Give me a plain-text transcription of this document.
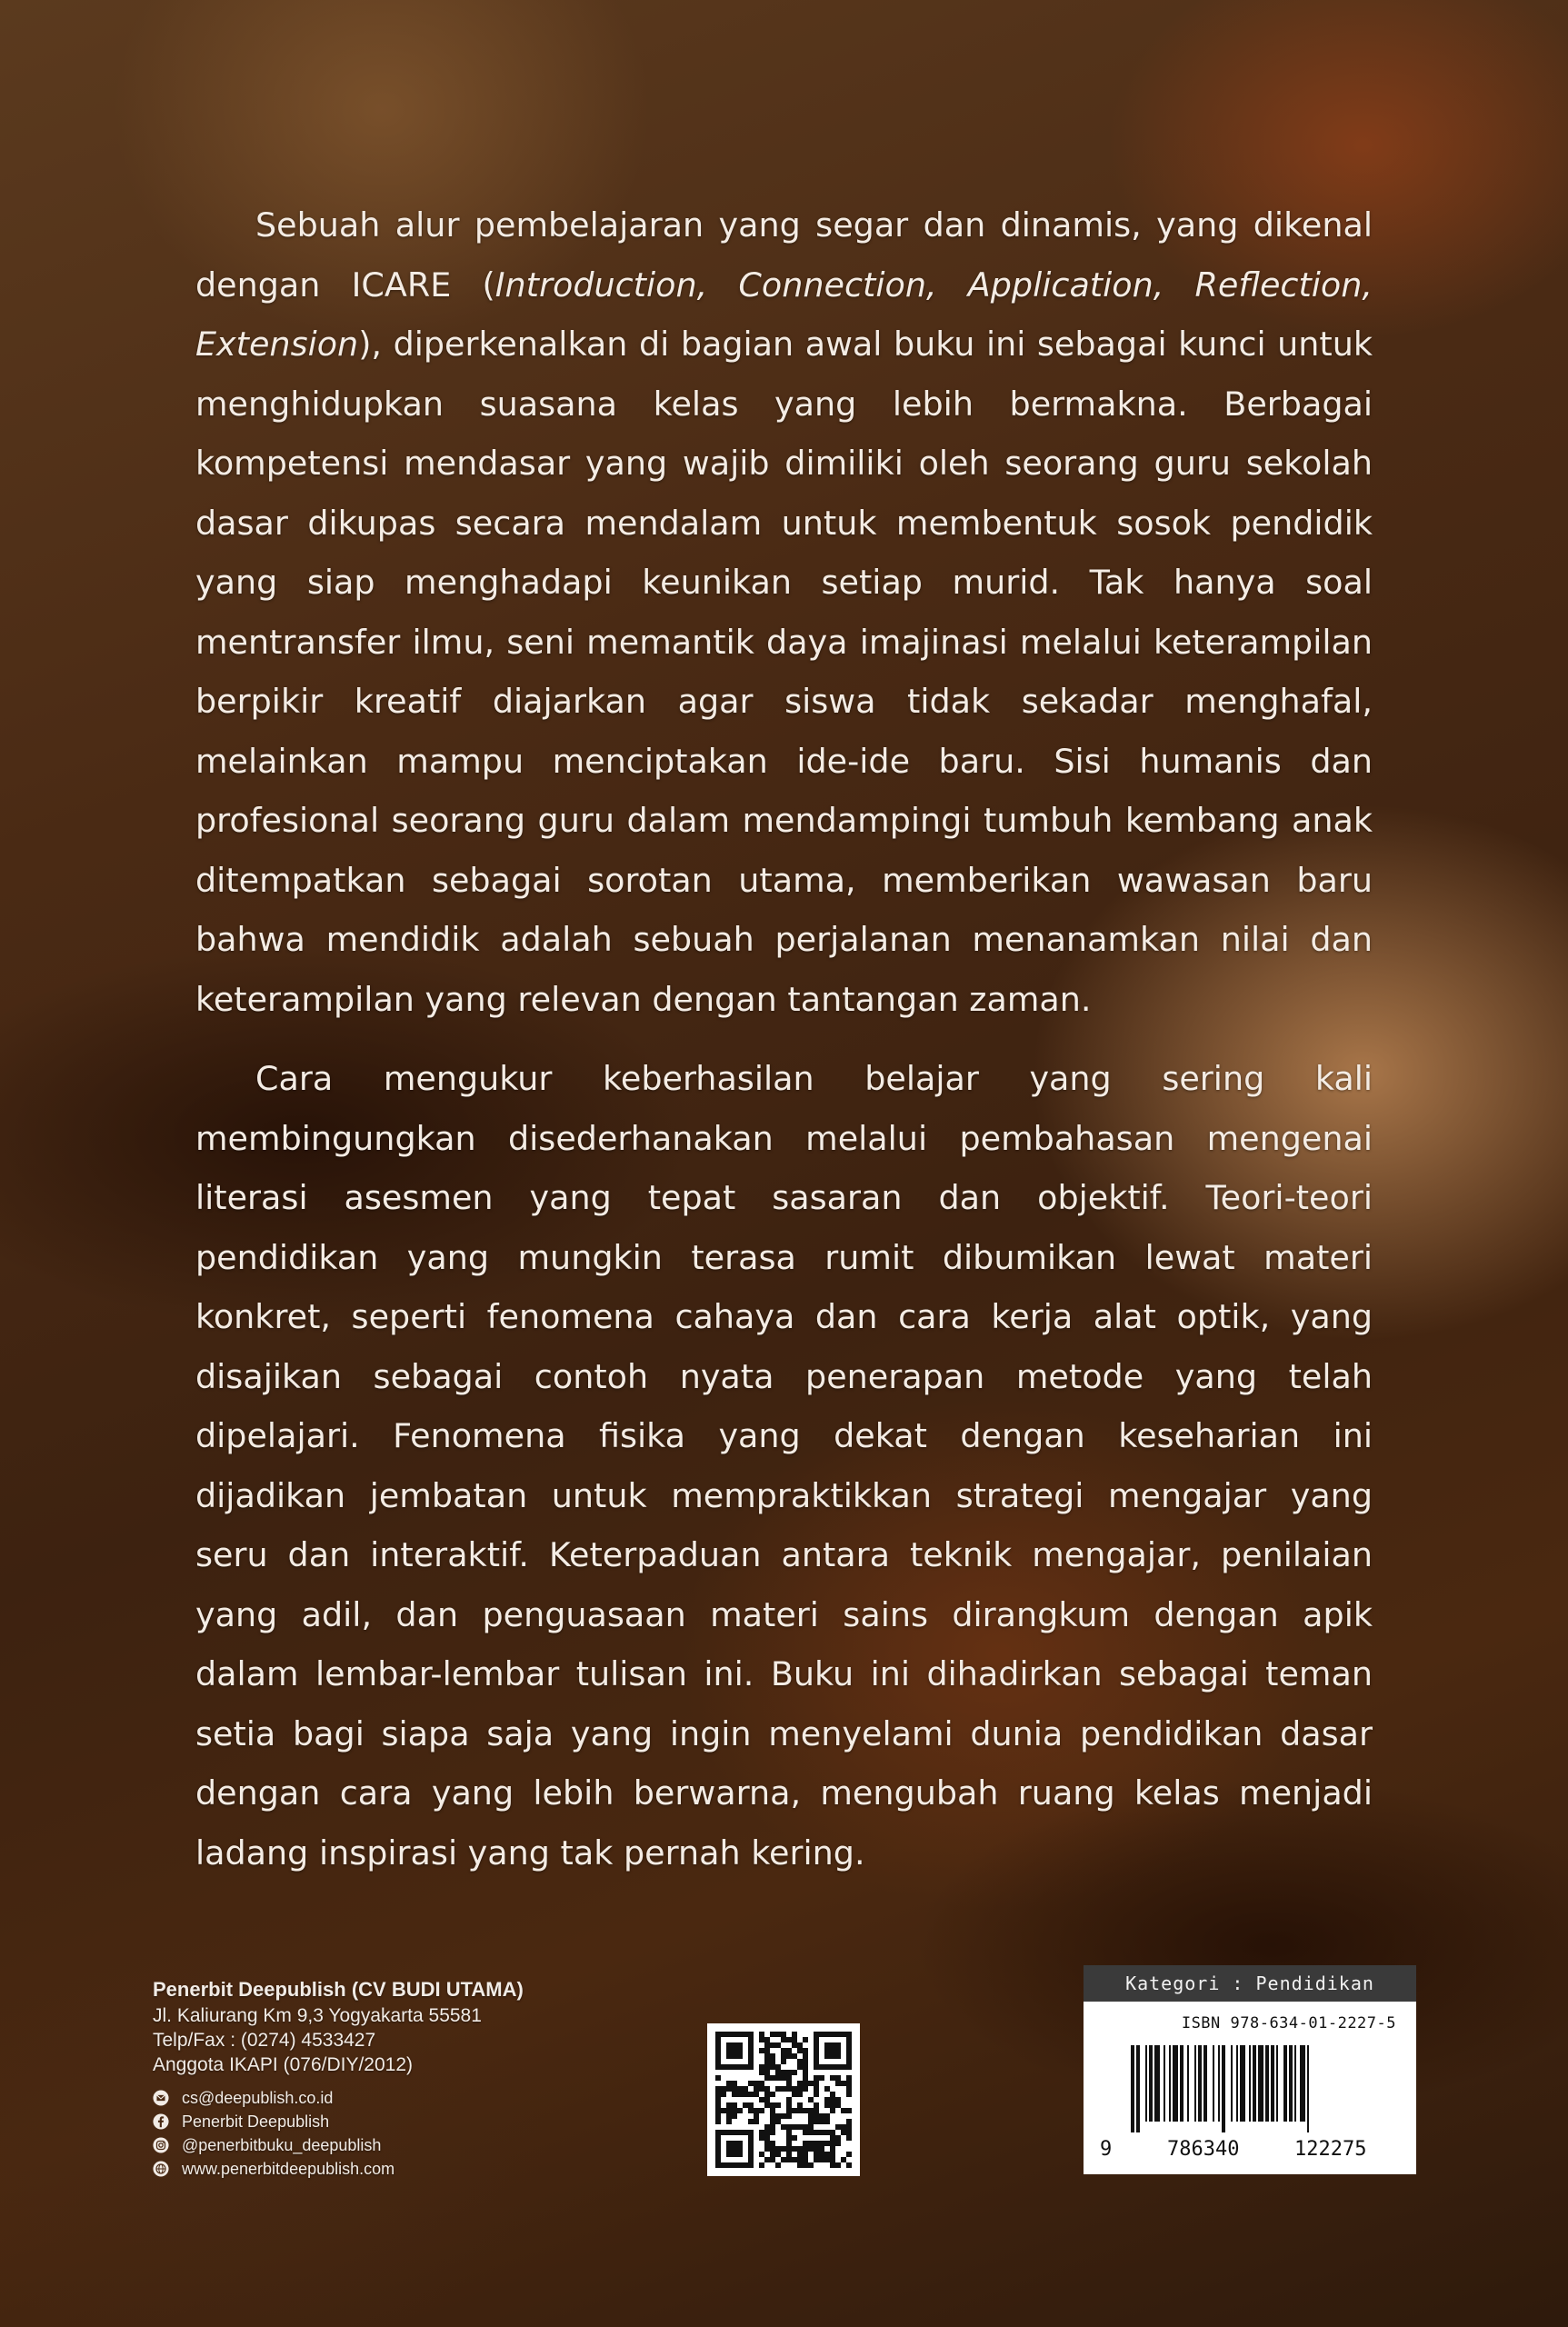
Sebuah alur pembelajaran yang segar dan dinamis, yang dikenal dengan ICARE (Introduction, Connection, Application, Reflection, Extension), diperkenalkan di bagian awal buku ini sebagai kunci untuk menghidupkan suasana kelas yang lebih bermakna. Berbagai kompetensi mendasar yang wajib dimiliki oleh seorang guru sekolah dasar dikupas secara mendalam untuk membentuk sosok pendidik yang siap menghadapi keunikan setiap murid. Tak hanya soal mentransfer ilmu, seni memantik daya imajinasi melalui keterampilan berpikir kreatif diajarkan agar siswa tidak sekadar menghafal, melainkan mampu menciptakan ide-ide baru. Sisi humanis dan profesional seorang guru dalam mendampingi tumbuh kembang anak ditempatkan sebagai sorotan utama, memberikan wawasan baru bahwa mendidik adalah sebuah perjalanan menanamkan nilai dan keterampilan yang relevan dengan tantangan zaman.

Cara mengukur keberhasilan belajar yang sering kali membingungkan disederhanakan melalui pembahasan mengenai literasi asesmen yang tepat sasaran dan objektif. Teori-teori pendidikan yang mungkin terasa rumit dibumikan lewat materi konkret, seperti fenomena cahaya dan cara kerja alat optik, yang disajikan sebagai contoh nyata penerapan metode yang telah dipelajari. Fenomena fisika yang dekat dengan keseharian ini dijadikan jembatan untuk mempraktikkan strategi mengajar yang seru dan interaktif. Keterpaduan antara teknik mengajar, penilaian yang adil, dan penguasaan materi sains dirangkum dengan apik dalam lembar-lembar tulisan ini. Buku ini dihadirkan sebagai teman setia bagi siapa saja yang ingin menyelami dunia pendidikan dasar dengan cara yang lebih berwarna, mengubah ruang kelas menjadi ladang inspirasi yang tak pernah kering.

Penerbit Deepublish (CV BUDI UTAMA)
Jl. Kaliurang Km 9,3 Yogyakarta 55581
Telp/Fax : (0274) 4533427
Anggota IKAPI (076/DIY/2012)
cs@deepublish.co.id
Penerbit Deepublish
@penerbitbuku_deepublish
www.penerbitdeepublish.com
Kategori : Pendidikan
ISBN 978-634-01-2227-5
9	786340	122275
